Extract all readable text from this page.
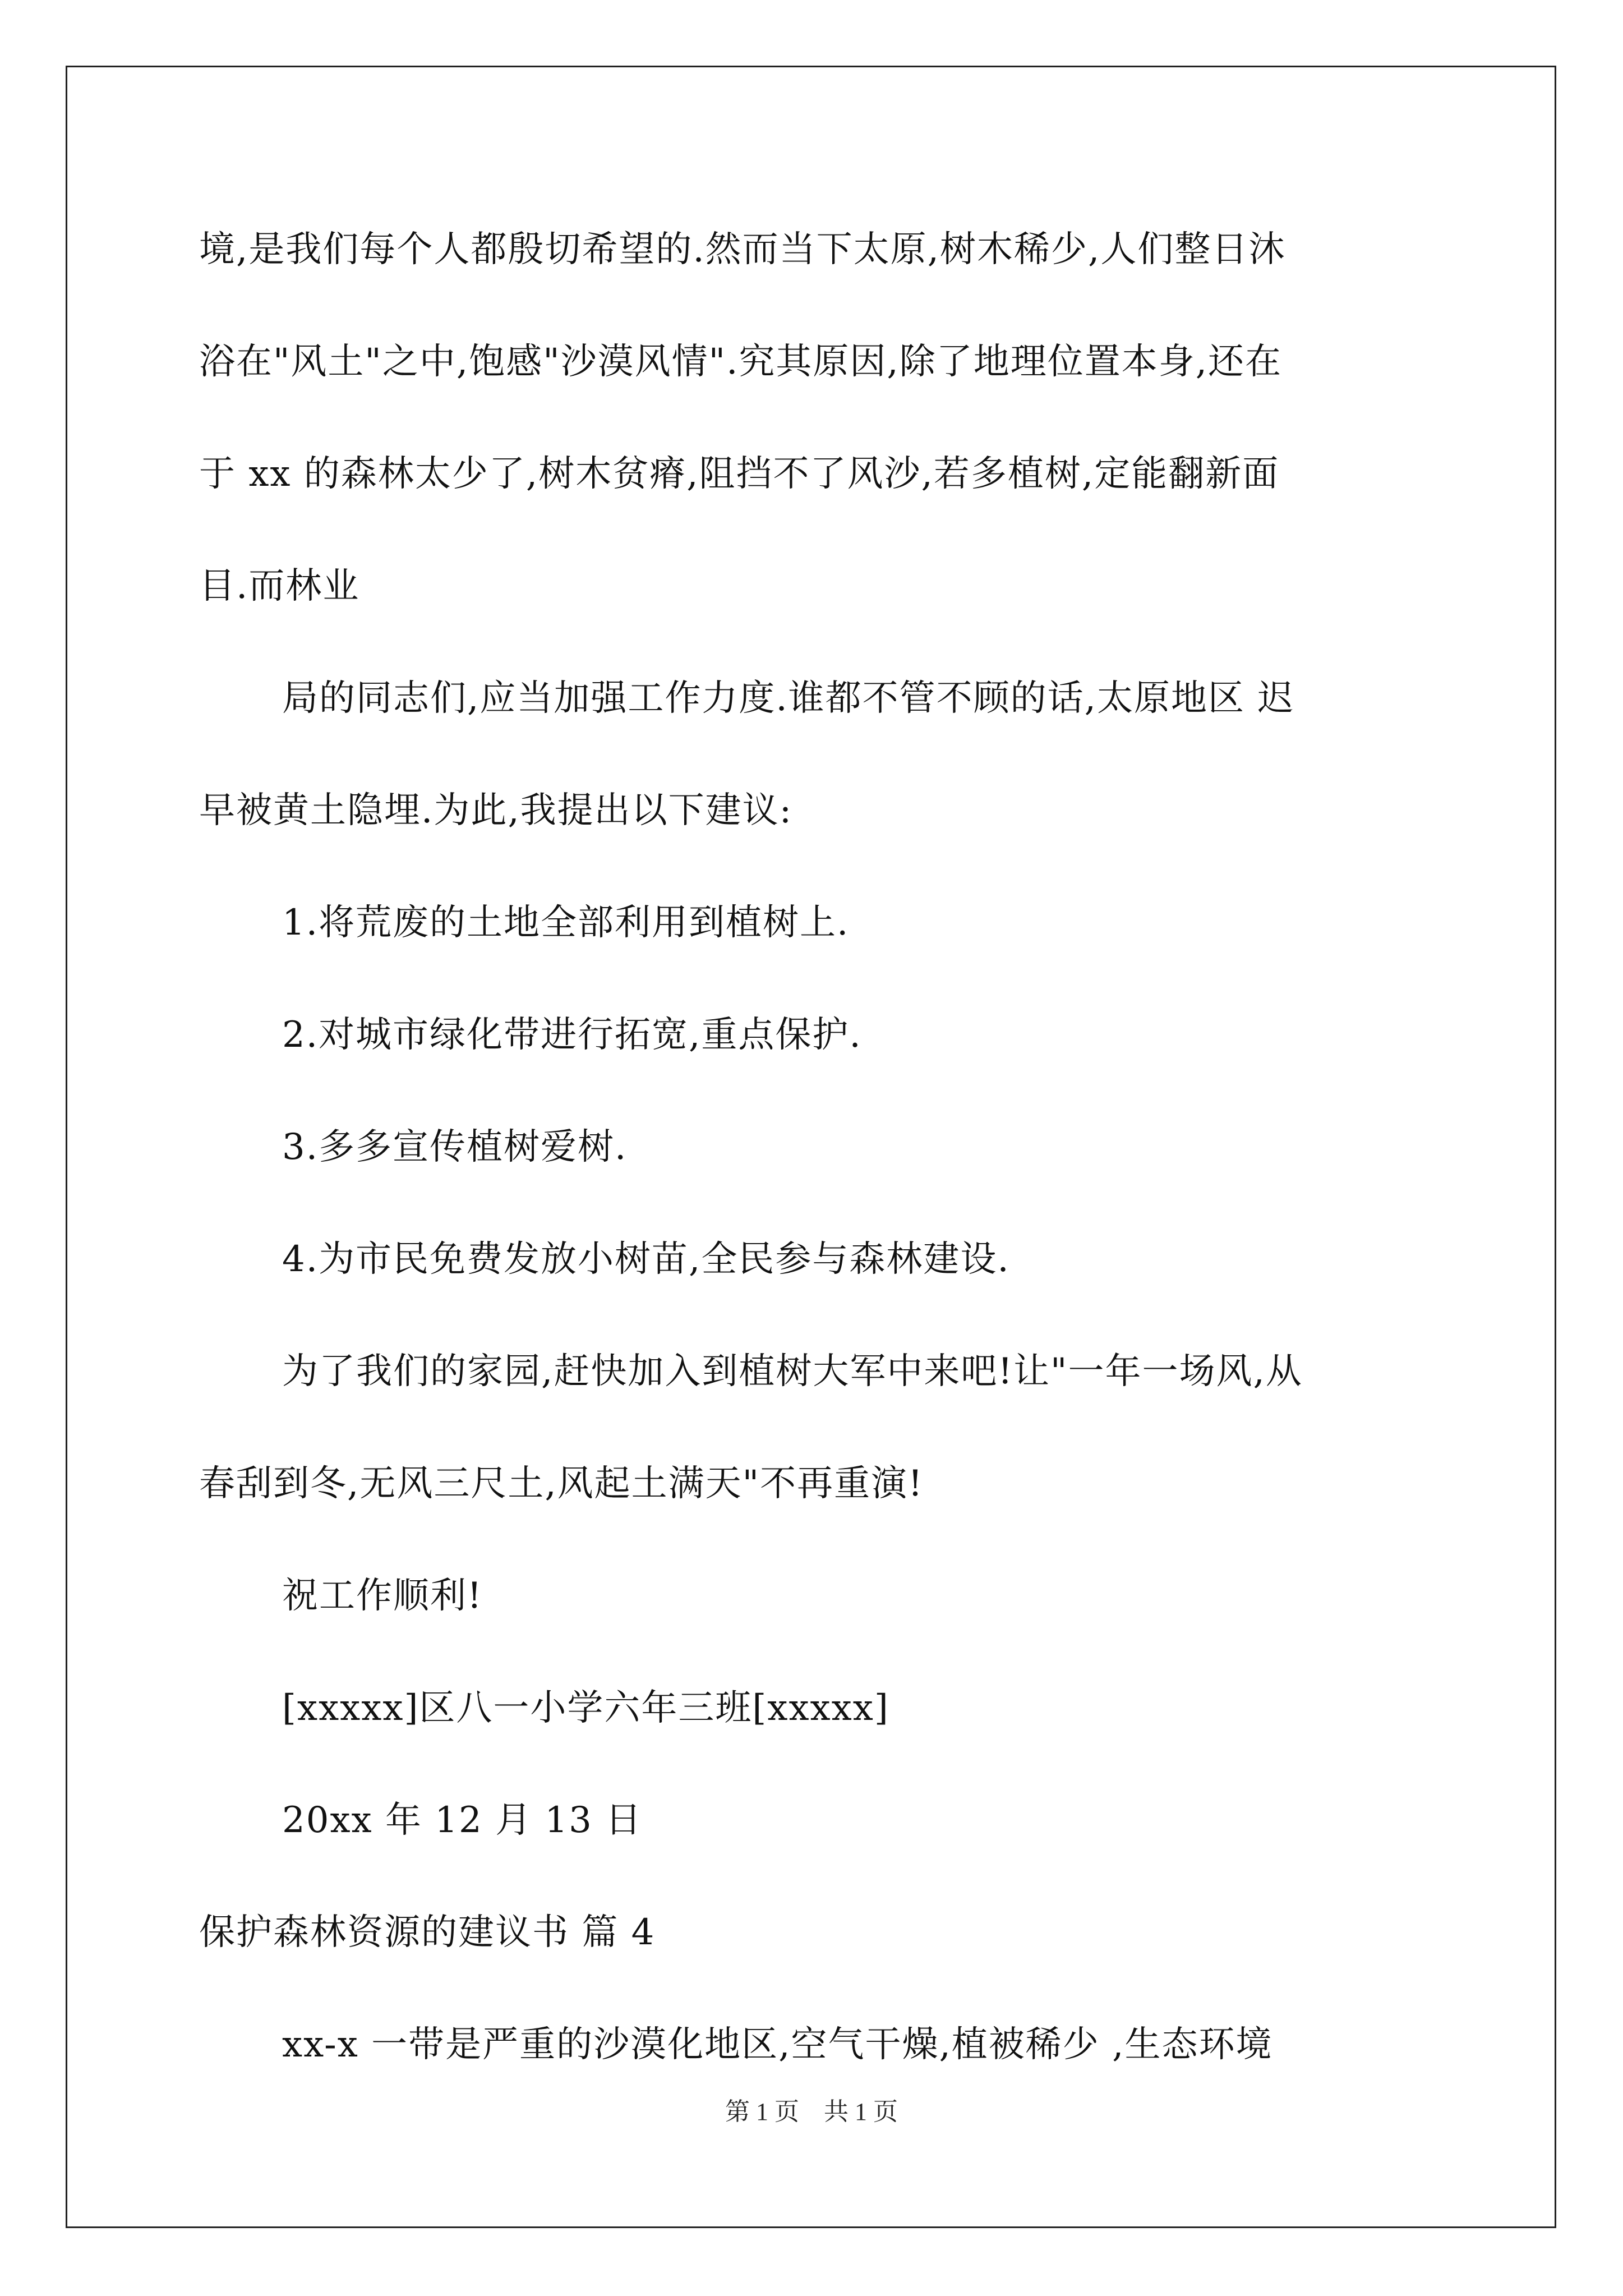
境,是我们每个人都殷切希望的.然而当下太原,树木稀少,人们整日沐
浴在"风土"之中,饱感"沙漠风情".究其原因,除了地理位置本身,还在
于 xx 的森林太少了,树木贫瘠,阻挡不了风沙,若多植树,定能翻新面
目.而林业
局的同志们,应当加强工作力度.谁都不管不顾的话,太原地区 迟
早被黄土隐埋.为此,我提出以下建议:
1.将荒废的土地全部利用到植树上.
2.对城市绿化带进行拓宽,重点保护.
3.多多宣传植树爱树.
4.为市民免费发放小树苗,全民参与森林建设.
为了我们的家园,赶快加入到植树大军中来吧!让"一年一场风,从
春刮到冬,无风三尺土,风起土满天"不再重演!
祝工作顺利!
[xxxxx]区八一小学六年三班[xxxxx]
20xx 年 12 月 13 日
保护森林资源的建议书 篇 4
xx-x 一带是严重的沙漠化地区,空气干燥,植被稀少 ,生态环境
第 1 页    共 1 页
